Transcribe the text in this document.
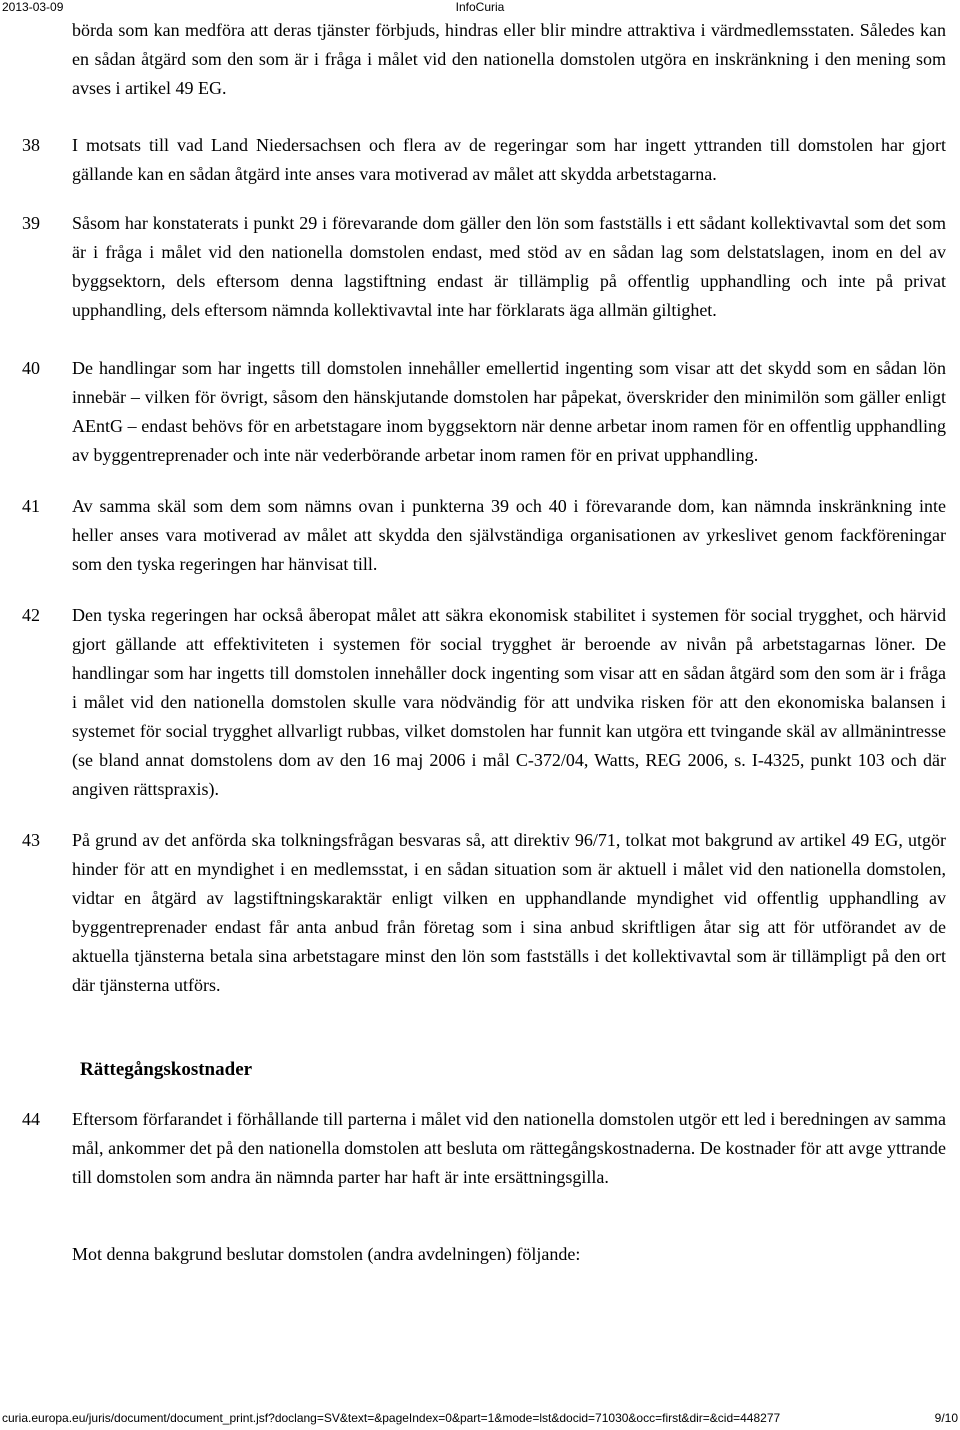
2013-03-09	InfoCuria
börda som kan medföra att deras tjänster förbjuds, hindras eller blir mindre attraktiva i värdmedlemsstaten. Således kan en sådan åtgärd som den som är i fråga i målet vid den nationella domstolen utgöra en inskränkning i den mening som avses i artikel 49 EG.
38	I motsats till vad Land Niedersachsen och flera av de regeringar som har ingett yttranden till domstolen har gjort gällande kan en sådan åtgärd inte anses vara motiverad av målet att skydda arbetstagarna.
39	Såsom har konstaterats i punkt 29 i förevarande dom gäller den lön som fastställs i ett sådant kollektivavtal som det som är i fråga i målet vid den nationella domstolen endast, med stöd av en sådan lag som delstatslagen, inom en del av byggsektorn, dels eftersom denna lagstiftning endast är tillämplig på offentlig upphandling och inte på privat upphandling, dels eftersom nämnda kollektivavtal inte har förklarats äga allmän giltighet.
40	De handlingar som har ingetts till domstolen innehåller emellertid ingenting som visar att det skydd som en sådan lön innebär – vilken för övrigt, såsom den hänskjutande domstolen har påpekat, överskrider den minimilön som gäller enligt AEntG – endast behövs för en arbetstagare inom byggsektorn när denne arbetar inom ramen för en offentlig upphandling av byggentreprenader och inte när vederbörande arbetar inom ramen för en privat upphandling.
41	Av samma skäl som dem som nämns ovan i punkterna 39 och 40 i förevarande dom, kan nämnda inskränkning inte heller anses vara motiverad av målet att skydda den självständiga organisationen av yrkeslivet genom fackföreningar som den tyska regeringen har hänvisat till.
42	Den tyska regeringen har också åberopat målet att säkra ekonomisk stabilitet i systemen för social trygghet, och härvid gjort gällande att effektiviteten i systemen för social trygghet är beroende av nivån på arbetstagarnas löner. De handlingar som har ingetts till domstolen innehåller dock ingenting som visar att en sådan åtgärd som den som är i fråga i målet vid den nationella domstolen skulle vara nödvändig för att undvika risken för att den ekonomiska balansen i systemet för social trygghet allvarligt rubbas, vilket domstolen har funnit kan utgöra ett tvingande skäl av allmänintresse (se bland annat domstolens dom av den 16 maj 2006 i mål C‑372/04, Watts, REG 2006, s. I‑4325, punkt 103 och där angiven rättspraxis).
43	På grund av det anförda ska tolkningsfrågan besvaras så, att direktiv 96/71, tolkat mot bakgrund av artikel 49 EG, utgör hinder för att en myndighet i en medlemsstat, i en sådan situation som är aktuell i målet vid den nationella domstolen, vidtar en åtgärd av lagstiftningskaraktär enligt vilken en upphandlande myndighet vid offentlig upphandling av byggentreprenader endast får anta anbud från företag som i sina anbud skriftligen åtar sig att för utförandet av de aktuella tjänsterna betala sina arbetstagare minst den lön som fastställs i det kollektivavtal som är tillämpligt på den ort där tjänsterna utförs.
Rättegångskostnader
44	Eftersom förfarandet i förhållande till parterna i målet vid den nationella domstolen utgör ett led i beredningen av samma mål, ankommer det på den nationella domstolen att besluta om rättegångskostnaderna. De kostnader för att avge yttrande till domstolen som andra än nämnda parter har haft är inte ersättningsgilla.
Mot denna bakgrund beslutar domstolen (andra avdelningen) följande:
curia.europa.eu/juris/document/document_print.jsf?doclang=SV&text=&pageIndex=0&part=1&mode=lst&docid=71030&occ=first&dir=&cid=448277	9/10
